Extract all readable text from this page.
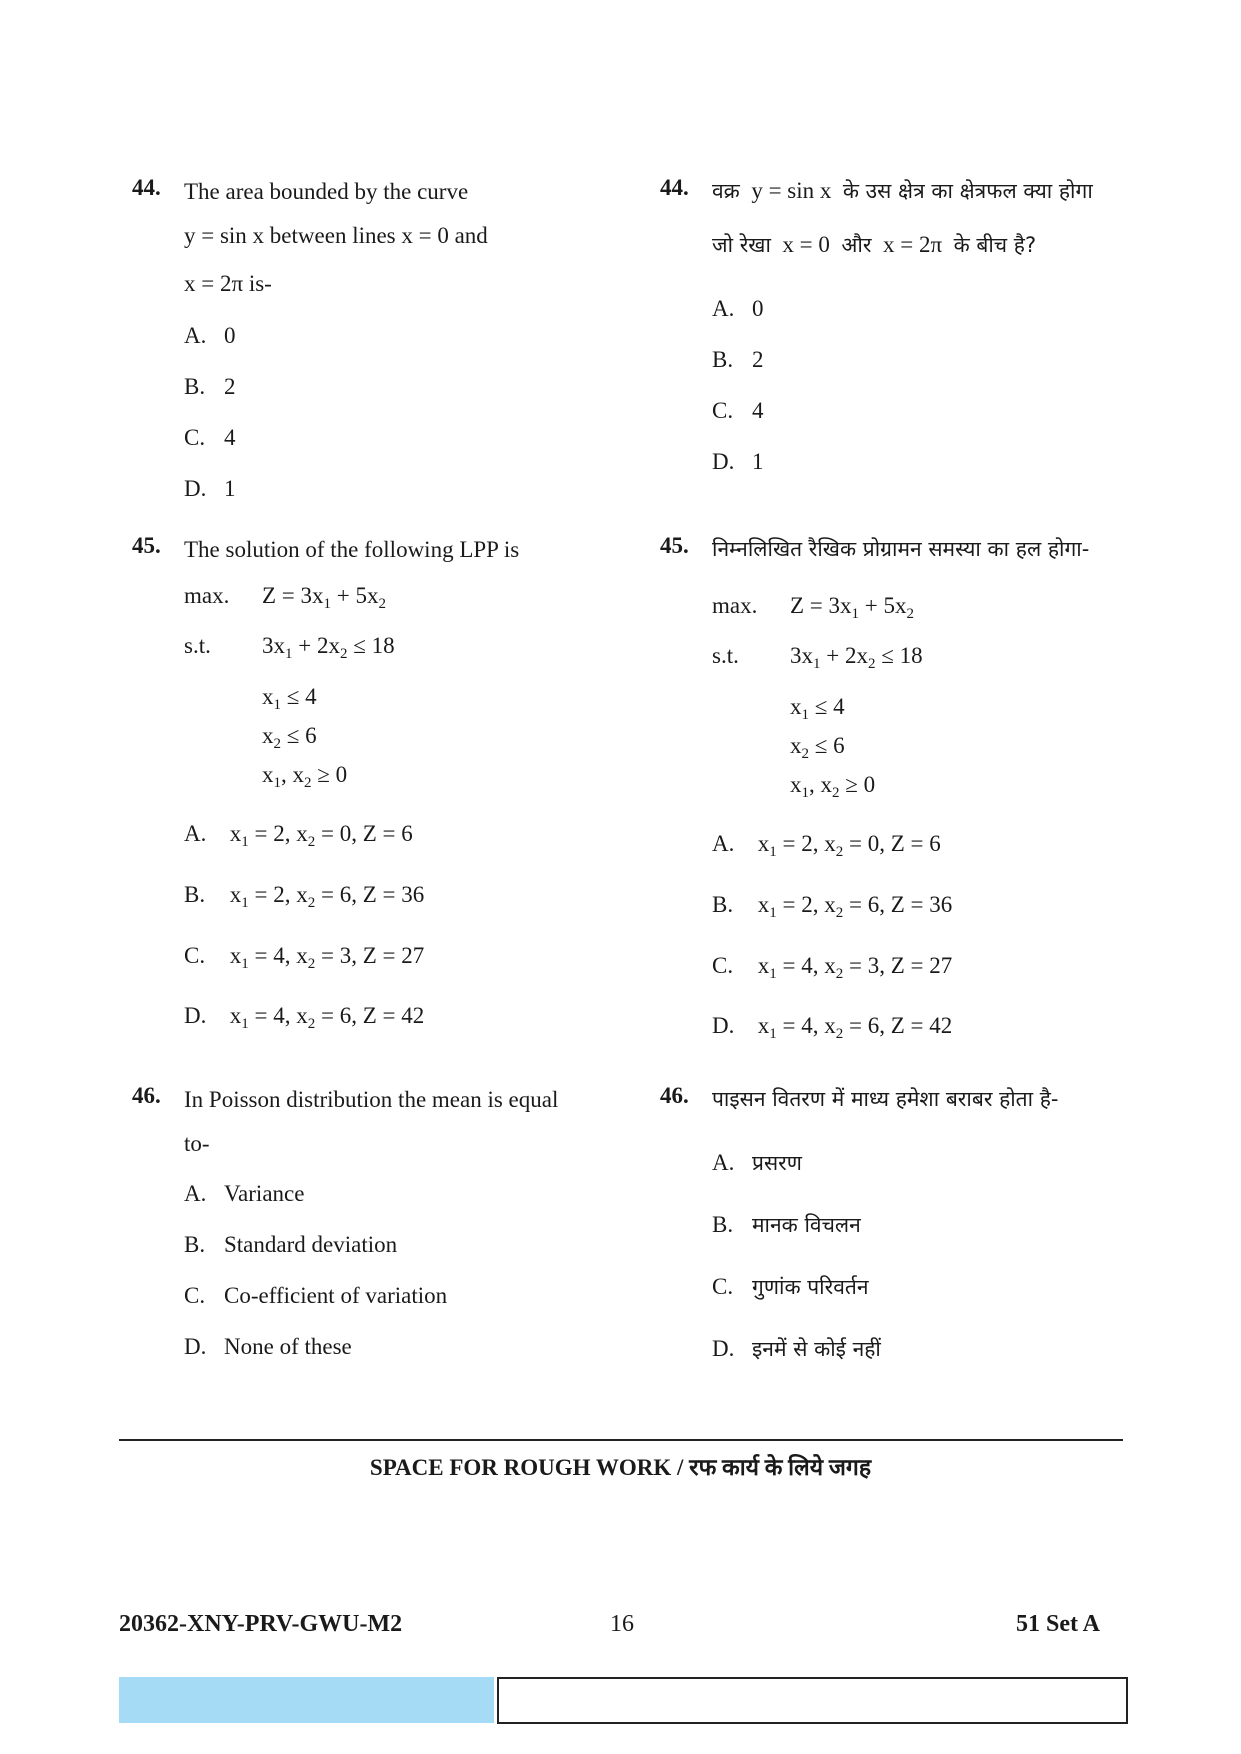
44. The area bounded by the curve
y = sin x between lines x = 0 and
x = 2π is-
A. 0
B. 2
C. 4
D. 1
45. The solution of the following LPP is
max. $Z = 3x_1 + 5x_2$
s.t. $3x_1 + 2x_2 \le 18$
$x_1 \le 4$
$x_2 \le 6$
$x_1$, $x_2 \ge 0$
A. $x_1 = 2$, $x_2 = 0$, Z = 6
B. $x_1 = 2$, $x_2 = 6$, Z = 36
C. $x_1 = 4$, $x_2 = 3$, Z = 27
D. $x_1 = 4$, $x_2 = 6$, Z = 42
46. In Poisson distribution the mean is equal
to-
A. Variance
B. Standard deviation
C. Co-efficient of variation
D. None of these
44. वक्र y = sin x के उस क्षेत्र का क्षेत्रफल क्या होगा
जो रेखा x = 0 और x = 2π के बीच है?
A. 0
B. 2
C. 4
D. 1
45. निम्नलिखित रैखिक प्रोग्रामन समस्या का हल होगा-
max. $Z = 3x_1 + 5x_2$
s.t. $3x_1 + 2x_2 \le 18$
$x_1 \le 4$
$x_2 \le 6$
$x_1$, $x_2 \ge 0$
A. $x_1 = 2$, $x_2 = 0$, Z = 6
B. $x_1 = 2$, $x_2 = 6$, Z = 36
C. $x_1 = 4$, $x_2 = 3$, Z = 27
D. $x_1 = 4$, $x_2 = 6$, Z = 42
46. पाइसन वितरण में माध्य हमेशा बराबर होता है-
A. प्रसरण
B. मानक विचलन
C. गुणांक परिवर्तन
D. इनमें से कोई नहीं
SPACE FOR ROUGH WORK / रफ कार्य के लिये जगह
20362-XNY-PRV-GWU-M2	16	51 Set A
